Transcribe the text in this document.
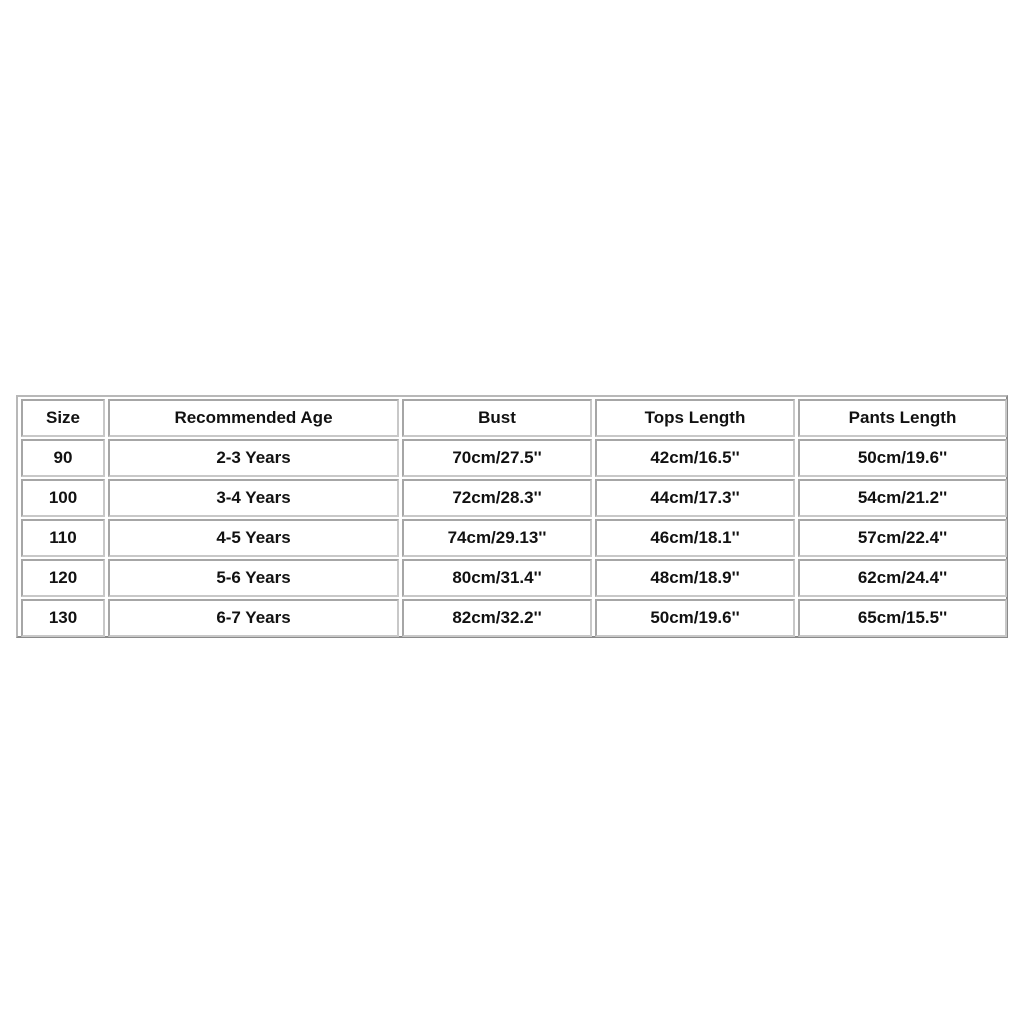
Size	Recommended Age	Bust	Tops Length	Pants Length
90	2-3 Years	70cm/27.5''	42cm/16.5''	50cm/19.6''
100	3-4 Years	72cm/28.3''	44cm/17.3''	54cm/21.2''
110	4-5 Years	74cm/29.13''	46cm/18.1''	57cm/22.4''
120	5-6 Years	80cm/31.4''	48cm/18.9''	62cm/24.4''
130	6-7 Years	82cm/32.2''	50cm/19.6''	65cm/15.5''
